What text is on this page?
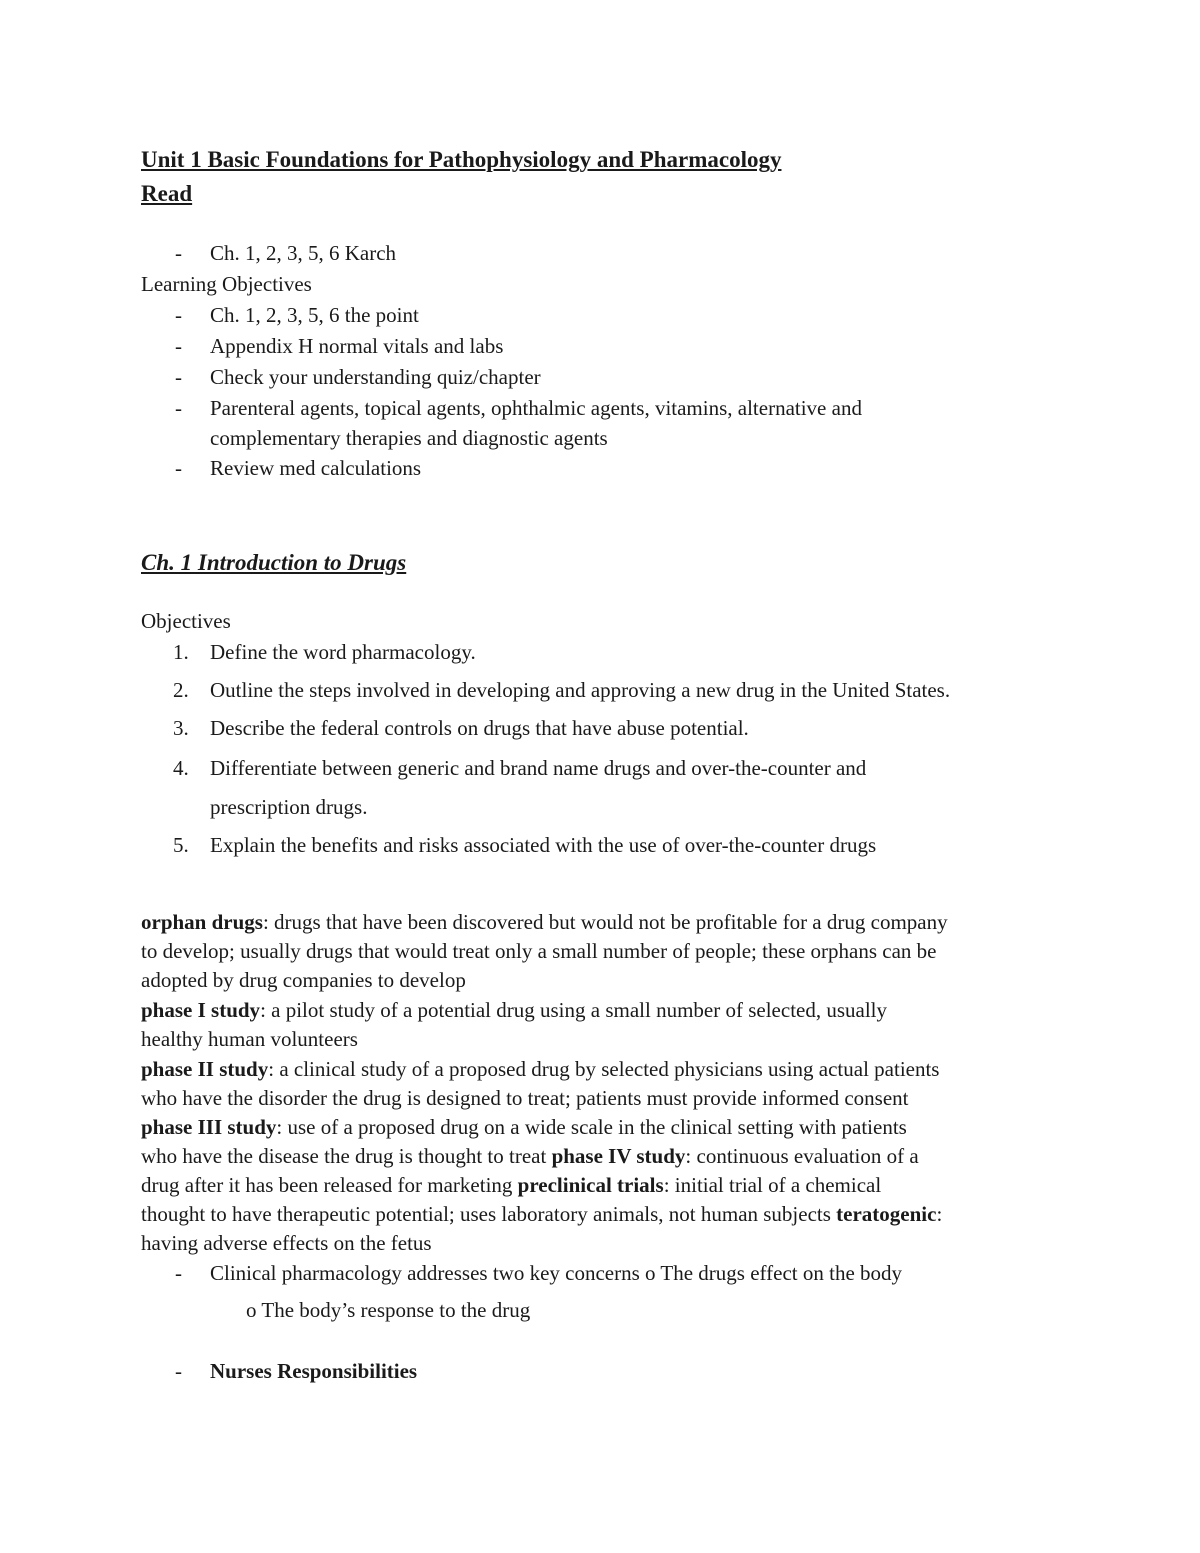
Unit 1 Basic Foundations for Pathophysiology and Pharmacology
Read
- Ch. 1, 2, 3, 5, 6 Karch
Learning Objectives
- Ch. 1, 2, 3, 5, 6 the point
- Appendix H normal vitals and labs
- Check your understanding quiz/chapter
- Parenteral agents, topical agents, ophthalmic agents, vitamins, alternative and
complementary therapies and diagnostic agents
- Review med calculations
Ch. 1 Introduction to Drugs
Objectives
1. Define the word pharmacology.
2. Outline the steps involved in developing and approving a new drug in the United States.
3. Describe the federal controls on drugs that have abuse potential.
4. Differentiate between generic and brand name drugs and over-the-counter and
prescription drugs.
5. Explain the benefits and risks associated with the use of over-the-counter drugs
orphan drugs: drugs that have been discovered but would not be profitable for a drug company
to develop; usually drugs that would treat only a small number of people; these orphans can be
adopted by drug companies to develop
phase I study: a pilot study of a potential drug using a small number of selected, usually
healthy human volunteers
phase II study: a clinical study of a proposed drug by selected physicians using actual patients
who have the disorder the drug is designed to treat; patients must provide informed consent
phase III study: use of a proposed drug on a wide scale in the clinical setting with patients
who have the disease the drug is thought to treat phase IV study: continuous evaluation of a
drug after it has been released for marketing preclinical trials: initial trial of a chemical
thought to have therapeutic potential; uses laboratory animals, not human subjects teratogenic:
having adverse effects on the fetus
- Clinical pharmacology addresses two key concerns o The drugs effect on the body
o The body’s response to the drug
- Nurses Responsibilities
